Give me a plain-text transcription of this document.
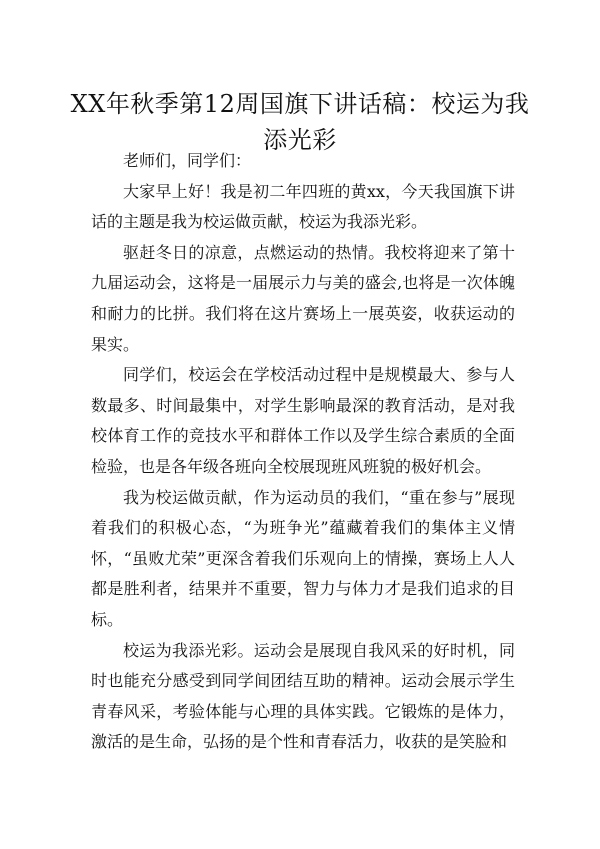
XX年秋季第12周国旗下讲话稿：校运为我添光彩

老师们，同学们：

大家早上好！我是初二年四班的黄xx，今天我国旗下讲话的主题是我为校运做贡献，校运为我添光彩。

驱赶冬日的凉意，点燃运动的热情。我校将迎来了第十九届运动会，这将是一届展示力与美的盛会,也将是一次体魄和耐力的比拼。我们将在这片赛场上一展英姿，收获运动的果实。

同学们，校运会在学校活动过程中是规模最大、参与人数最多、时间最集中，对学生影响最深的教育活动，是对我校体育工作的竞技水平和群体工作以及学生综合素质的全面检验，也是各年级各班向全校展现班风班貌的极好机会。

我为校运做贡献，作为运动员的我们，“重在参与”展现着我们的积极心态，“为班争光”蕴藏着我们的集体主义情怀，“虽败尤荣”更深含着我们乐观向上的情操，赛场上人人都是胜利者，结果并不重要，智力与体力才是我们追求的目标。

校运为我添光彩。运动会是展现自我风采的好时机，同时也能充分感受到同学间团结互助的精神。运动会展示学生青春风采，考验体能与心理的具体实践。它锻炼的是体力，激活的是生命，弘扬的是个性和青春活力，收获的是笑脸和
